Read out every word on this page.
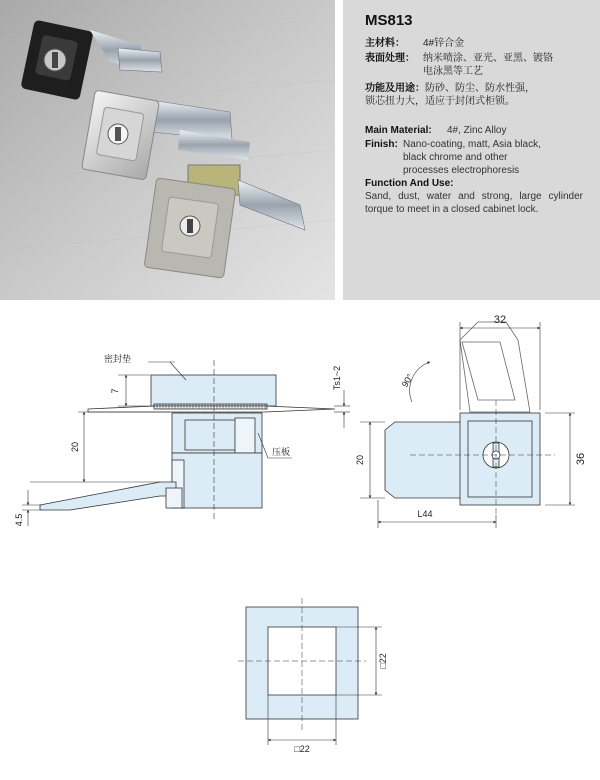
MS813
主材料： 4#锌合金
表面处理： 纳米喷涂、亚光、亚黑、镀铬
电泳黑等工艺
功能及用途： 防砂、防尘、防水性强，
锁芯扭力大，适应于封闭式柜锁。
Main Material: 4#, Zinc Alloy
Finish: Nano-coating, matt, Asia black,
black chrome and other
processes electrophoresis
Function And Use:
Sand, dust, water and strong, large cylinder torque to meet in a closed cabinet lock.
密封垫
压板
7
20
4.5
Ts1~2
32
36
20
L44
90°
□22
□22
